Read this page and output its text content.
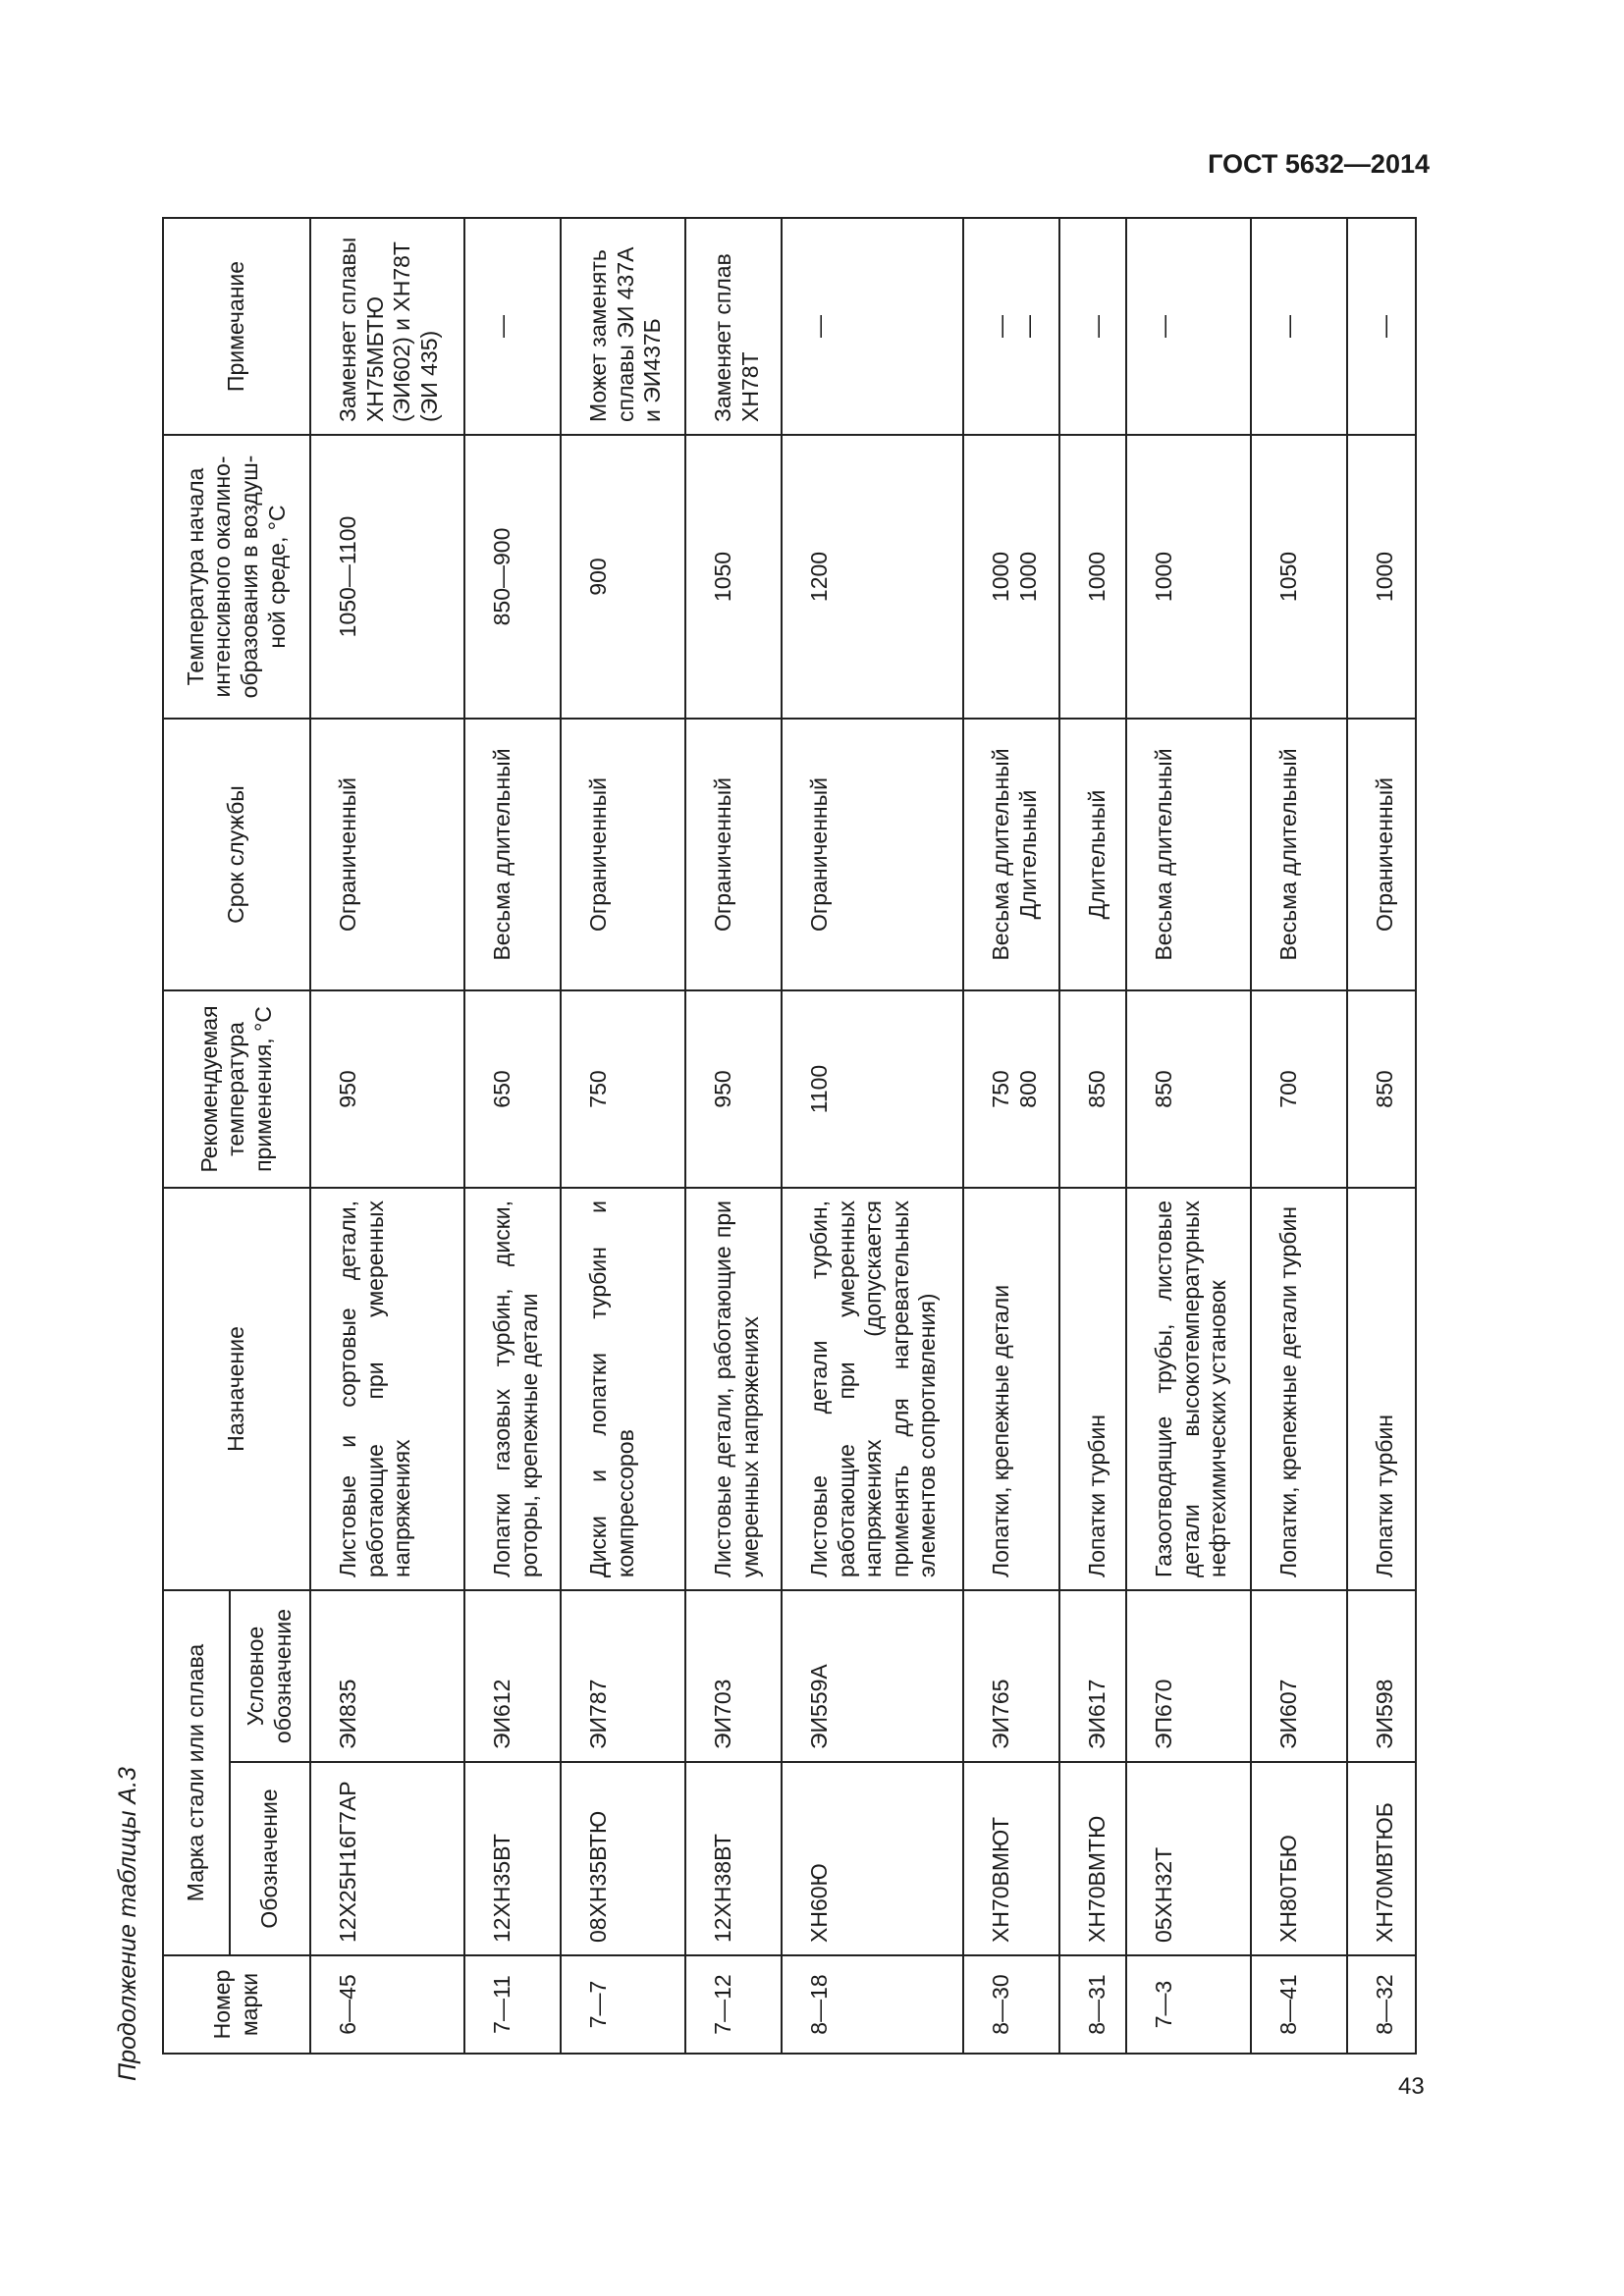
ГОСТ 5632—2014
Продолжение таблицы А.3	Номер марки	Марка стали или сплава		Назначение	Рекомендуемая температура применения, °С	Срок службы	Температура начала интенсивного окалино- образования в воздуш- ной среде, °С	Примечание
	Обозначение	Условное обозначение					

6—45	12Х25Н16Г7АР	ЭИ835	Листовые и сортовые детали, работающие при умеренных напряжениях	950	Ограниченный	1050—1100	Заменяет сплавы ХН75МБТЮ (ЭИ602) и ХН78Т (ЭИ 435)

7—11	12ХН35ВТ	ЭИ612	Лопатки газовых турбин, диски, роторы, крепежные детали	650	Весьма длительный	850—900	—

7—7	08ХН35ВТЮ	ЭИ787	Диски и лопатки турбин и компрессоров	750	Ограниченный	900	Может заменять сплавы ЭИ 437А и ЭИ437Б

7—12	12ХН38ВТ	ЭИ703	Листовые детали, работающие при умеренных напряжениях	950	Ограниченный	1050	Заменяет сплав ХН78Т

8—18	ХН60Ю	ЭИ559А	Листовые детали турбин, работающие при умеренных напряжениях (допускается применять для нагревательных элементов сопротивления)	1100	Ограниченный	1200	—

8—30	ХН70ВМЮТ	ЭИ765	Лопатки, крепежные детали	750 800	Весьма длительный Длительный	1000 1000	— —

8—31	ХН70ВМТЮ	ЭИ617	Лопатки турбин	850	Длительный	1000	—

7—3	05ХН32Т	ЭП670	Газоотводящие трубы, листовые детали высокотемпературных нефтехимических установок	850	Весьма длительный	1000	—

8—41	ХН80ТБЮ	ЭИ607	Лопатки, крепежные детали турбин	700	Весьма длительный	1050	—

8—32	ХН70МВТЮБ	ЭИ598	Лопатки турбин	850	Ограниченный	1000	—
43
